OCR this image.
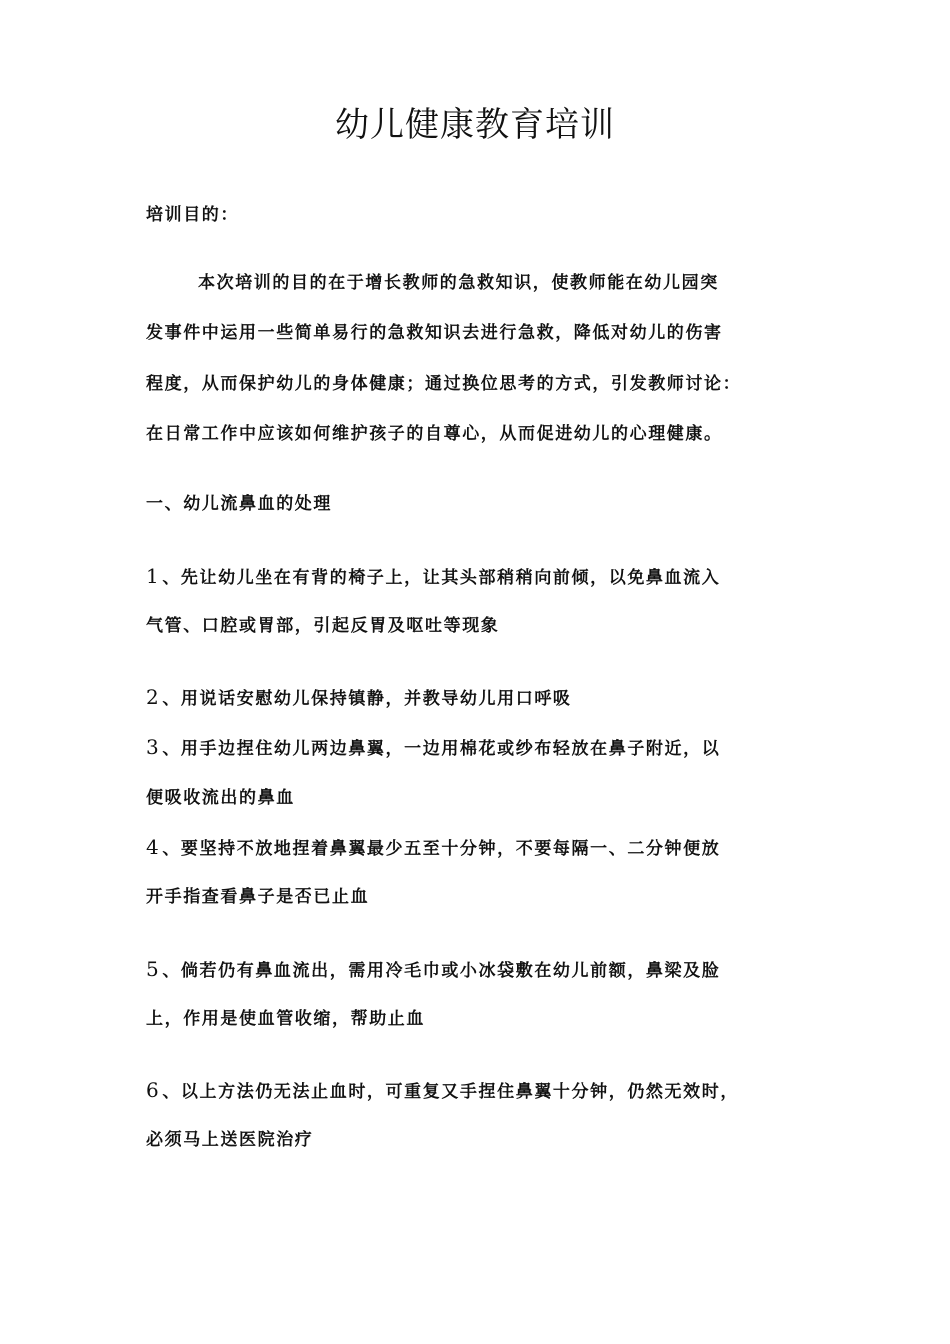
幼儿健康教育培训
培训目的：
本次培训的目的在于增长教师的急救知识，使教师能在幼儿园突
发事件中运用一些简单易行的急救知识去进行急救，降低对幼儿的伤害
程度，从而保护幼儿的身体健康；通过换位思考的方式，引发教师讨论：
在日常工作中应该如何维护孩子的自尊心，从而促进幼儿的心理健康。
一、幼儿流鼻血的处理
1 、先让幼儿坐在有背的椅子上，让其头部稍稍向前倾，以免鼻血流入
气管、口腔或胃部，引起反胃及呕吐等现象
2 、用说话安慰幼儿保持镇静，并教导幼儿用口呼吸
3 、用手边捏住幼儿两边鼻翼，一边用棉花或纱布轻放在鼻子附近，以
便吸收流出的鼻血
4 、要坚持不放地捏着鼻翼最少五至十分钟，不要每隔一、二分钟便放
开手指查看鼻子是否已止血
5 、倘若仍有鼻血流出，需用冷毛巾或小冰袋敷在幼儿前额，鼻梁及脸
上，作用是使血管收缩，帮助止血
6 、以上方法仍无法止血时，可重复又手捏住鼻翼十分钟，仍然无效时，
必须马上送医院治疗
